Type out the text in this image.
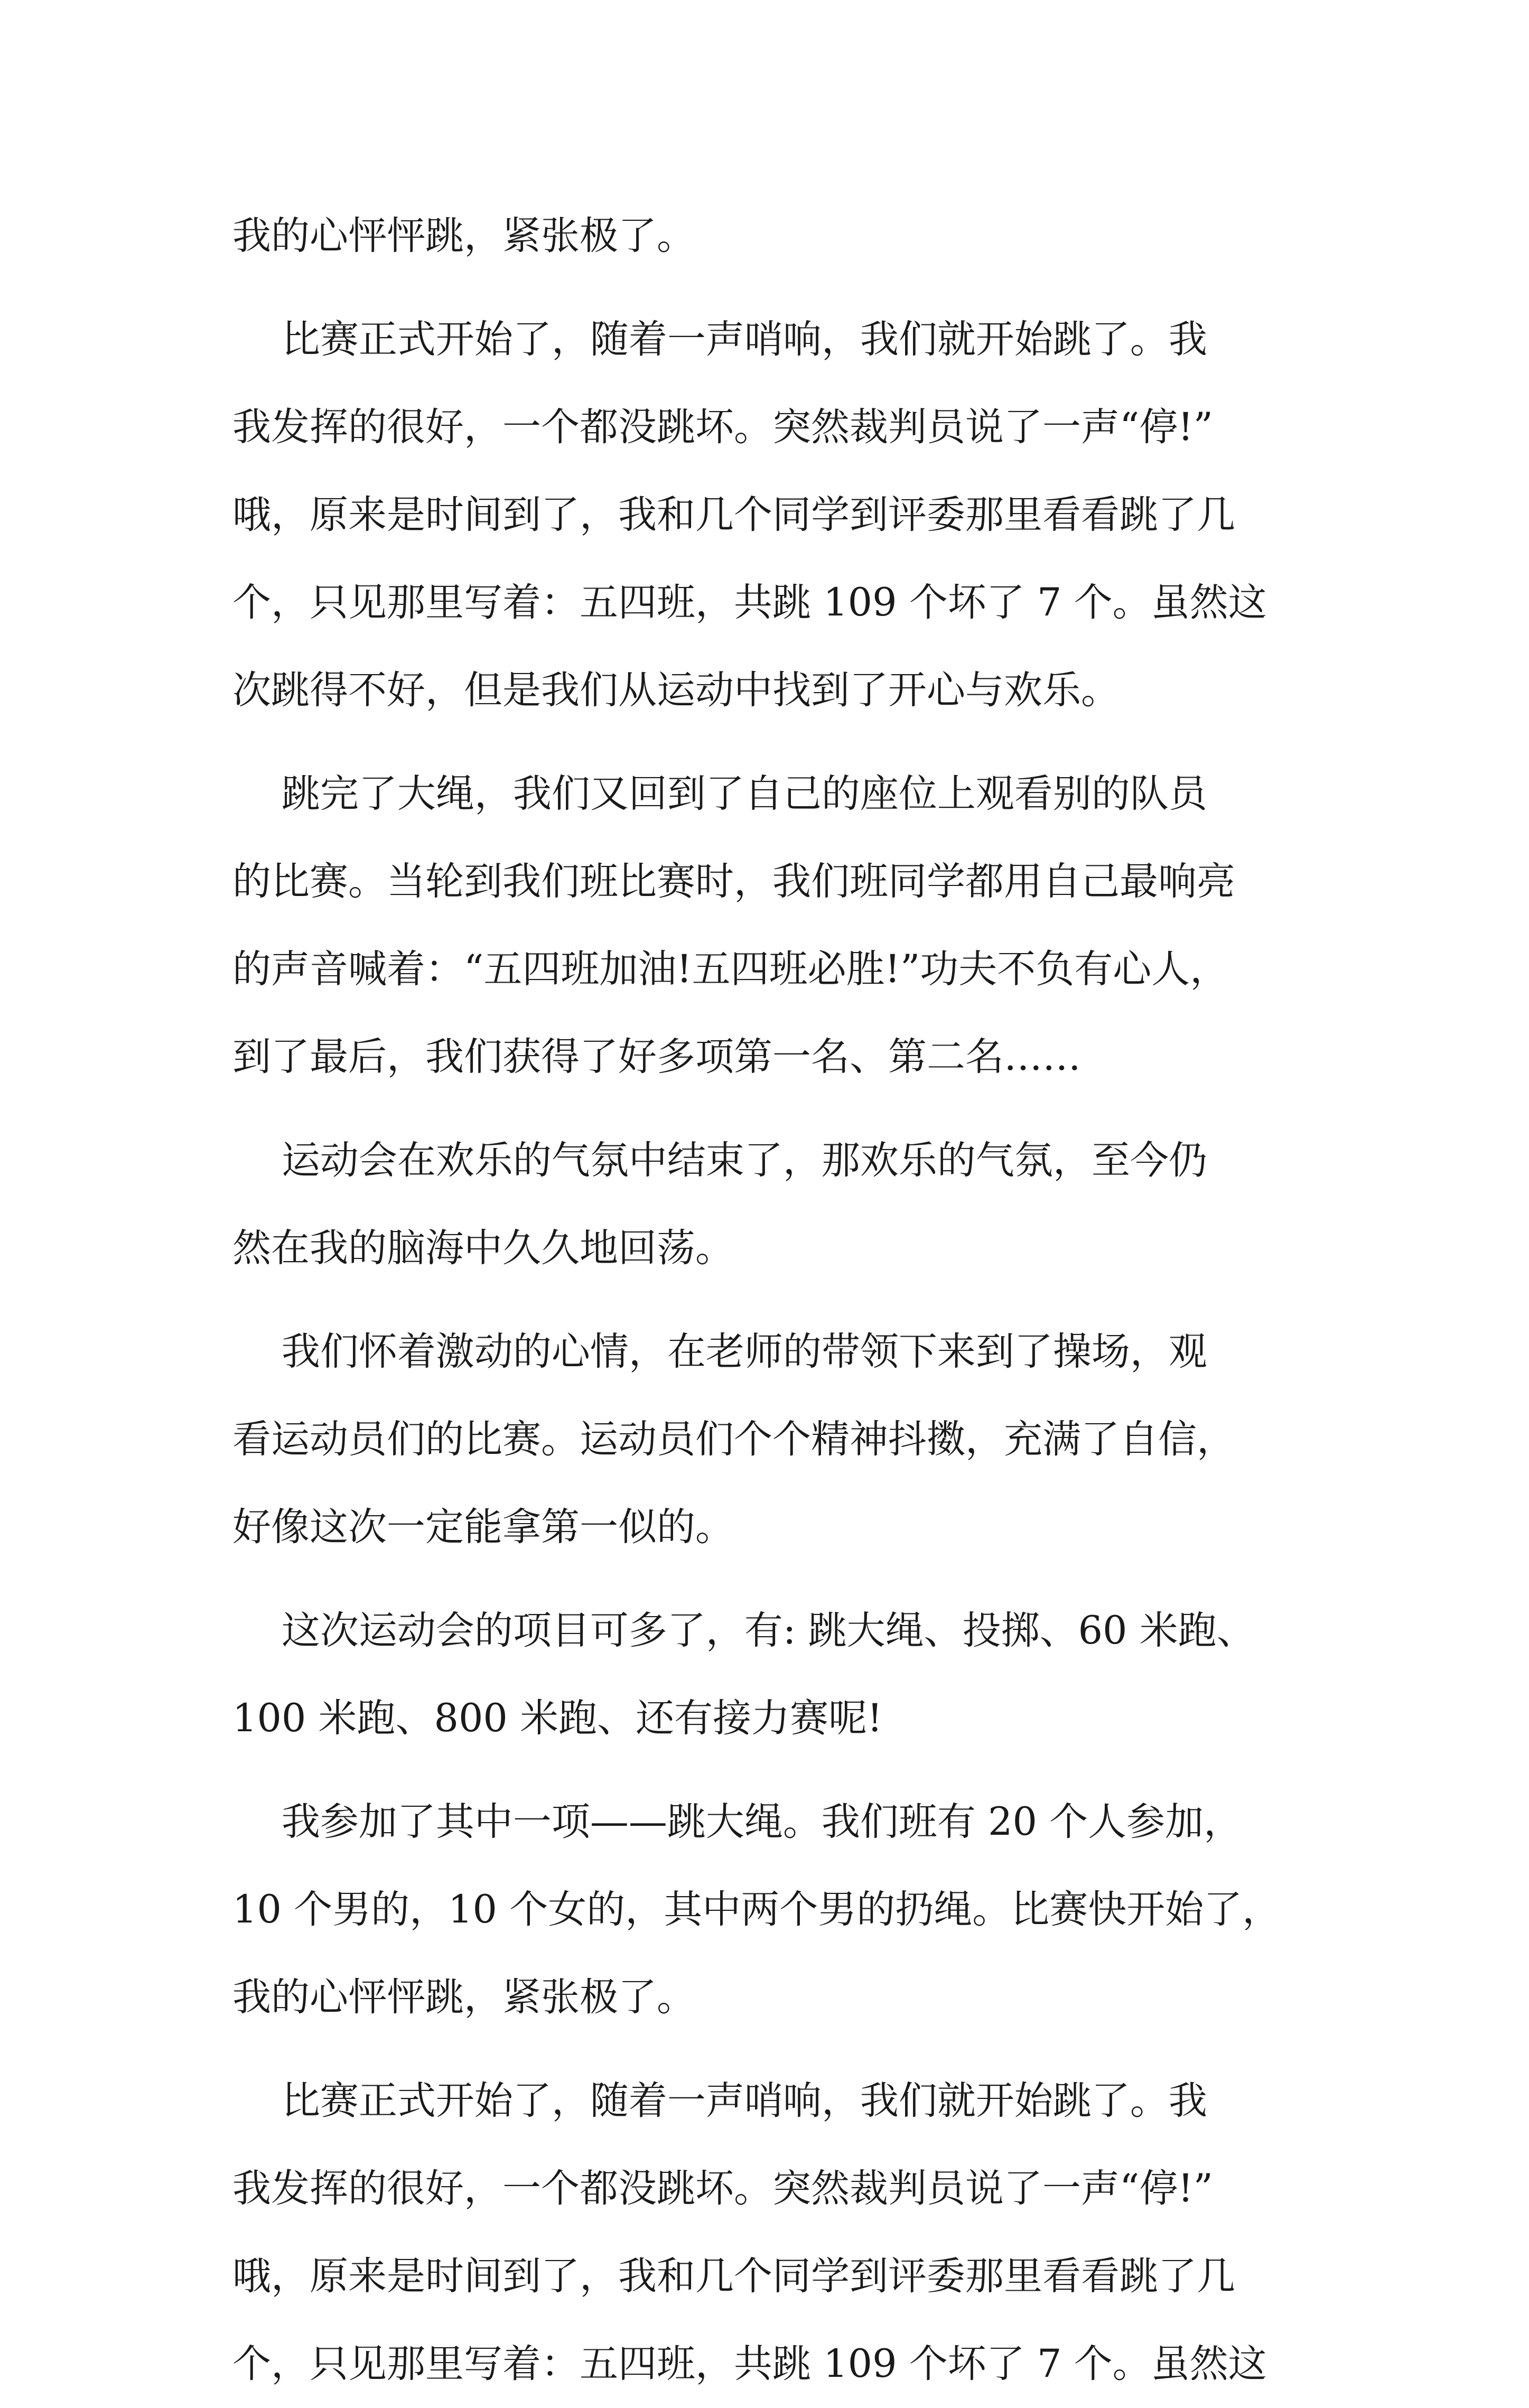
我的心怦怦跳，紧张极了。
比赛正式开始了，随着一声哨响，我们就开始跳了。我
我发挥的很好，一个都没跳坏。突然裁判员说了一声“停!”
哦，原来是时间到了，我和几个同学到评委那里看看跳了几
个，只见那里写着：五四班，共跳 109 个坏了 7 个。虽然这
次跳得不好，但是我们从运动中找到了开心与欢乐。
跳完了大绳，我们又回到了自己的座位上观看别的队员
的比赛。当轮到我们班比赛时，我们班同学都用自己最响亮
的声音喊着：“五四班加油!五四班必胜!”功夫不负有心人，
到了最后，我们获得了好多项第一名、第二名……
运动会在欢乐的气氛中结束了，那欢乐的气氛，至今仍
然在我的脑海中久久地回荡。
我们怀着激动的心情，在老师的带领下来到了操场，观
看运动员们的比赛。运动员们个个精神抖擞，充满了自信，
好像这次一定能拿第一似的。
这次运动会的项目可多了，有: 跳大绳、投掷、60 米跑、
100 米跑、800 米跑、还有接力赛呢!
我参加了其中一项——跳大绳。我们班有 20 个人参加，
10 个男的，10 个女的，其中两个男的扔绳。比赛快开始了，
我的心怦怦跳，紧张极了。
比赛正式开始了，随着一声哨响，我们就开始跳了。我
我发挥的很好，一个都没跳坏。突然裁判员说了一声“停!”
哦，原来是时间到了，我和几个同学到评委那里看看跳了几
个，只见那里写着：五四班，共跳 109 个坏了 7 个。虽然这
